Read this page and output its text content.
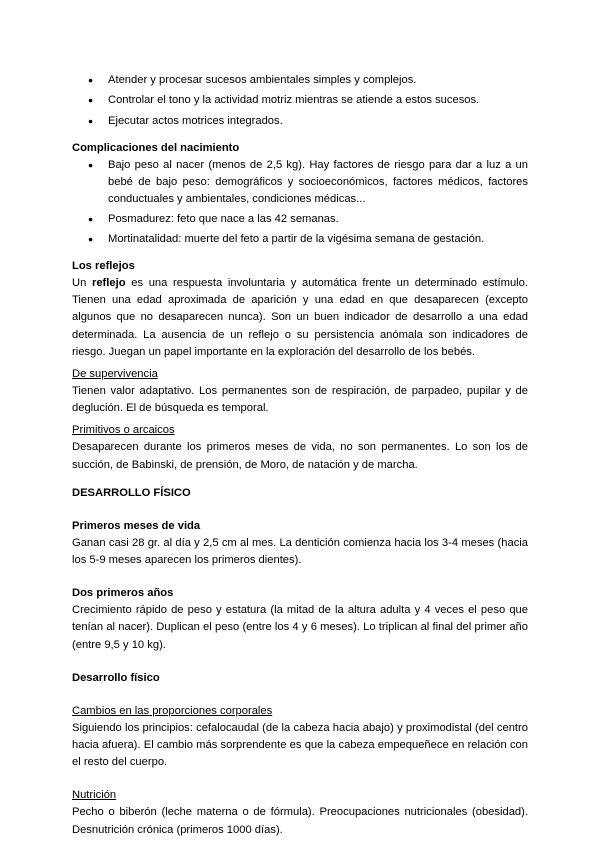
● Atender y procesar sucesos ambientales simples y complejos.
● Controlar el tono y la actividad motriz mientras se atiende a estos sucesos.
● Ejecutar actos motrices integrados.
Complicaciones del nacimiento
● Bajo peso al nacer (menos de 2,5 kg). Hay factores de riesgo para dar a luz a un bebé de bajo peso: demográficos y socioeconómicos, factores médicos, factores conductuales y ambientales, condiciones médicas...
● Posmadurez: feto que nace a las 42 semanas.
● Mortinatalidad: muerte del feto a partir de la vigésima semana de gestación.
Los reflejos

Un reflejo es una respuesta involuntaria y automática frente un determinado estímulo. Tienen una edad aproximada de aparición y una edad en que desaparecen (excepto algunos que no desaparecen nunca). Son un buen indicador de desarrollo a una edad determinada. La ausencia de un reflejo o su persistencia anómala son indicadores de riesgo. Juegan un papel importante en la exploración del desarrollo de los bebés.

De supervivencia

Tienen valor adaptativo. Los permanentes son de respiración, de parpadeo, pupilar y de deglución. El de búsqueda es temporal.

Primitivos o arcaicos

Desaparecen durante los primeros meses de vida, no son permanentes. Lo son los de succión, de Babinski, de prensión, de Moro, de natación y de marcha.

DESARROLLO FÍSICO
Primeros meses de vida

Ganan casi 28 gr. al día y 2,5 cm al mes. La dentición comienza hacia los 3-4 meses (hacia los 5-9 meses aparecen los primeros dientes).

Dos primeros años

Crecimiento rápido de peso y estatura (la mitad de la altura adulta y 4 veces el peso que tenían al nacer). Duplican el peso (entre los 4 y 6 meses). Lo triplican al final del primer año (entre 9,5 y 10 kg).

Desarrollo físico
Cambios en las proporciones corporales

Siguiendo los principios: cefalocaudal (de la cabeza hacia abajo) y proximodistal (del centro hacia afuera). El cambio más sorprendente es que la cabeza empequeñece en relación con el resto del cuerpo.

Nutrición

Pecho o biberón (leche materna o de fórmula). Preocupaciones nutricionales (obesidad). Desnutrición crónica (primeros 1000 días).
